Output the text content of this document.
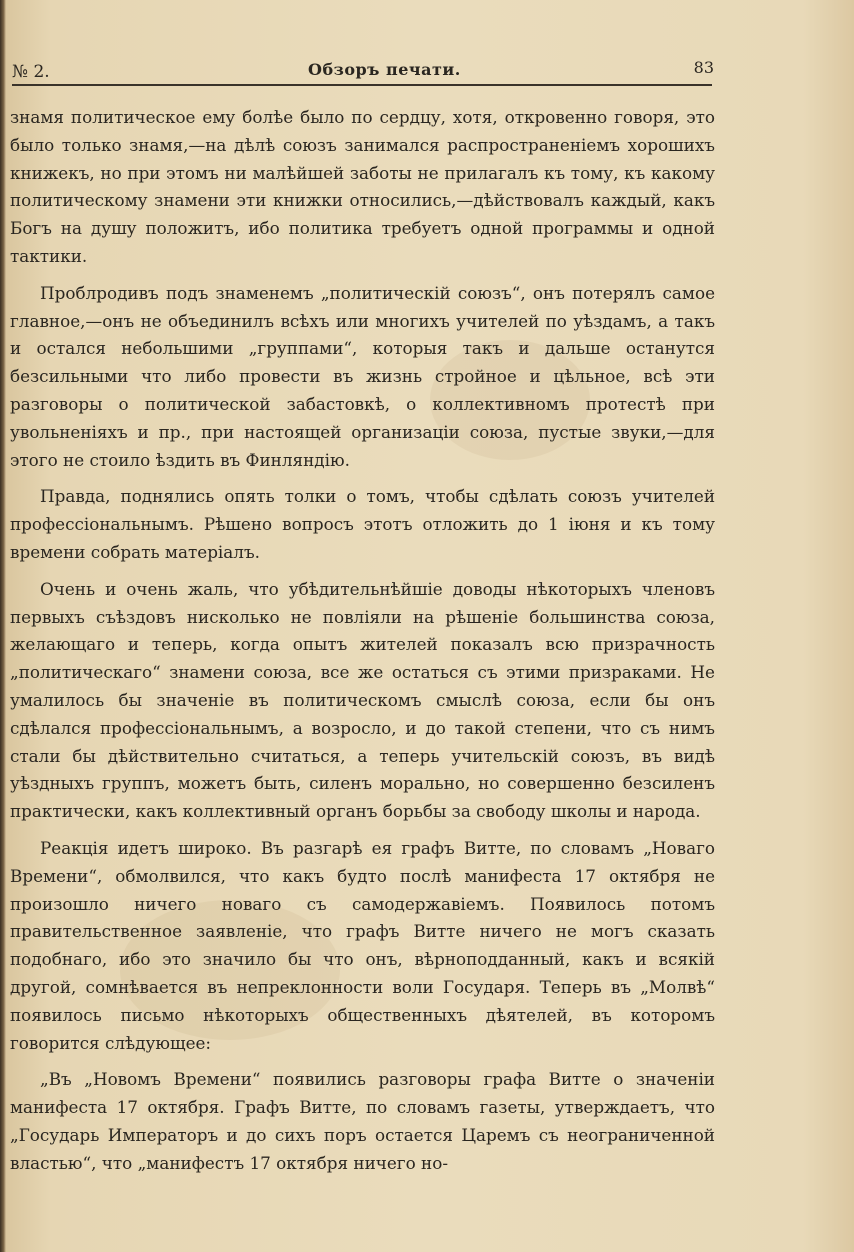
№ 2.	Обзоръ печати.	83

знамя политическое ему болѣе было по сердцу, хотя, откровенно говоря, это было только знамя,—на дѣлѣ союзъ занимался распространеніемъ хорошихъ книжекъ, но при этомъ ни малѣйшей заботы не прилагалъ къ тому, къ какому политическому знамени эти книжки относились,—дѣйствовалъ каждый, какъ Богъ на душу положитъ, ибо политика требуетъ одной программы и одной тактики.

Проблродивъ подъ знаменемъ „политическій союзъ“, онъ потерялъ самое главное,—онъ не объединилъ всѣхъ или многихъ учителей по уѣздамъ, а такъ и остался небольшими „группами“, которыя такъ и дальше останутся безсильными что либо провести въ жизнь стройное и цѣльное, всѣ эти разговоры о политической забастовкѣ, о коллективномъ протестѣ при увольненіяхъ и пр., при настоящей организаціи союза, пустые звуки,—для этого не стоило ѣздить въ Финляндію.

Правда, поднялись опять толки о томъ, чтобы сдѣлать союзъ учителей профессіональнымъ. Рѣшено вопросъ этотъ отложить до 1 іюня и къ тому времени собрать матеріалъ.

Очень и очень жаль, что убѣдительнѣйшіе доводы нѣкоторыхъ членовъ первыхъ съѣздовъ нисколько не повліяли на рѣшеніе большинства союза, желающаго и теперь, когда опытъ жителей показалъ всю призрачность „политическаго“ знамени союза, все же остаться съ этими призраками. Не умалилось бы значеніе въ политическомъ смыслѣ союза, если бы онъ сдѣлался профессіональнымъ, а возросло, и до такой степени, что съ нимъ стали бы дѣйствительно считаться, а теперь учительскій союзъ, въ видѣ уѣздныхъ группъ, можетъ быть, силенъ морально, но совершенно безсиленъ практически, какъ коллективный органъ борьбы за свободу школы и народа.

Реакція идетъ широко. Въ разгарѣ ея графъ Витте, по словамъ „Новаго Времени“, обмолвился, что какъ будто послѣ манифеста 17 октября не произошло ничего новаго съ самодержавіемъ. Появилось потомъ правительственное заявленіе, что графъ Витте ничего не могъ сказать подобнаго, ибо это значило бы что онъ, вѣрноподданный, какъ и всякій другой, сомнѣвается въ непреклонности воли Государя. Теперь въ „Молвѣ“ появилось письмо нѣкоторыхъ общественныхъ дѣятелей, въ которомъ говорится слѣдующее:

„Въ „Новомъ Времени“ появились разговоры графа Витте о значеніи манифеста 17 октября. Графъ Витте, по словамъ газеты, утверждаетъ, что „Государь Императоръ и до сихъ поръ остается Царемъ съ неограниченной властью“, что „манифестъ 17 октября ничего но-
